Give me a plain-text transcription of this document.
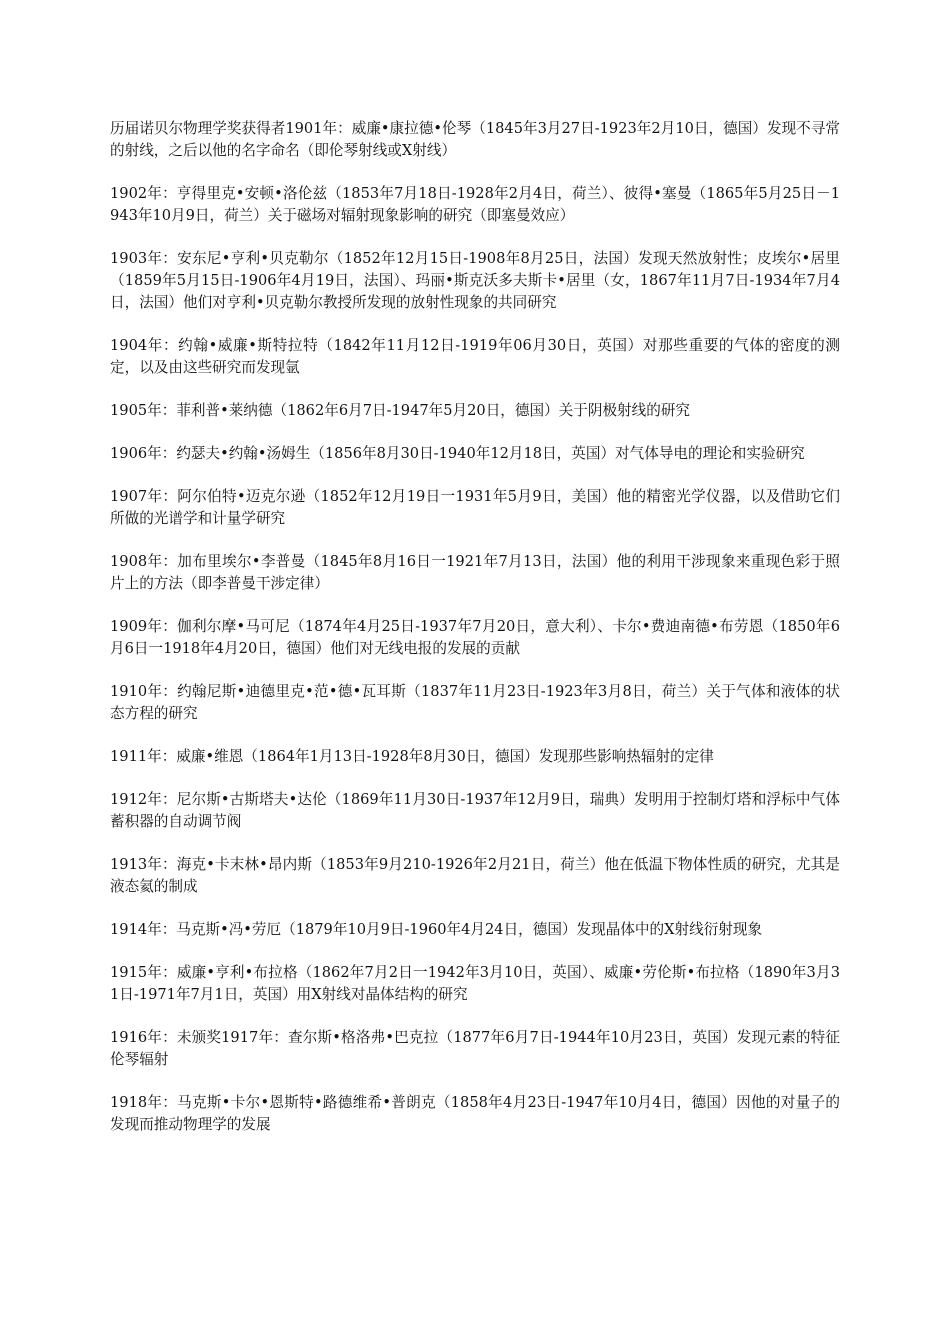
历届诺贝尔物理学奖获得者1901年：威廉•康拉德•伦琴（1845年3月27日-1923年2月10日，德国）发现不寻常的射线，之后以他的名字命名（即伦琴射线或X射线）

1902年：亨得里克•安顿•洛伦兹（1853年7月18日-1928年2月4日，荷兰）、彼得•塞曼（1865年5月25日－1943年10月9日，荷兰）关于磁场对辐射现象影响的研究（即塞曼效应）

1903年：安东尼•亨利•贝克勒尔（1852年12月15日-1908年8月25日，法国）发现天然放射性；皮埃尔•居里（1859年5月15日-1906年4月19日，法国）、玛丽•斯克沃多夫斯卡•居里（女，1867年11月7日-1934年7月4日，法国）他们对亨利•贝克勒尔教授所发现的放射性现象的共同研究

1904年：约翰•威廉•斯特拉特（1842年11月12日-1919年06月30日，英国）对那些重要的气体的密度的测定，以及由这些研究而发现氩

1905年：菲利普•莱纳德（1862年6月7日-1947年5月20日，德国）关于阴极射线的研究

1906年：约瑟夫•约翰•汤姆生（1856年8月30日-1940年12月18日，英国）对气体导电的理论和实验研究

1907年：阿尔伯特•迈克尔逊（1852年12月19日一1931年5月9日，美国）他的精密光学仪器，以及借助它们所做的光谱学和计量学研究

1908年：加布里埃尔•李普曼（1845年8月16日一1921年7月13日，法国）他的利用干涉现象来重现色彩于照片上的方法（即李普曼干涉定律）

1909年：伽利尔摩•马可尼（1874年4月25日-1937年7月20日，意大利）、卡尔•费迪南德•布劳恩（1850年6月6日一1918年4月20日，德国）他们对无线电报的发展的贡献

1910年：约翰尼斯•迪德里克•范•德•瓦耳斯（1837年11月23日-1923年3月8日，荷兰）关于气体和液体的状态方程的研究

1911年：威廉•维恩（1864年1月13日-1928年8月30日，德国）发现那些影响热辐射的定律

1912年：尼尔斯•古斯塔夫•达伦（1869年11月30日-1937年12月9日，瑞典）发明用于控制灯塔和浮标中气体蓄积器的自动调节阀

1913年：海克•卡末林•昂内斯（1853年9月210-1926年2月21日，荷兰）他在低温下物体性质的研究，尤其是液态氦的制成

1914年：马克斯•冯•劳厄（1879年10月9日-1960年4月24日，德国）发现晶体中的X射线衍射现象

1915年：威廉•亨利•布拉格（1862年7月2日一1942年3月10日，英国）、威廉•劳伦斯•布拉格（1890年3月31日-1971年7月1日，英国）用X射线对晶体结构的研究

1916年：未颁奖1917年：查尔斯•格洛弗•巴克拉（1877年6月7日-1944年10月23日，英国）发现元素的特征伦琴辐射

1918年：马克斯•卡尔•恩斯特•路德维希•普朗克（1858年4月23日-1947年10月4日，德国）因他的对量子的发现而推动物理学的发展
